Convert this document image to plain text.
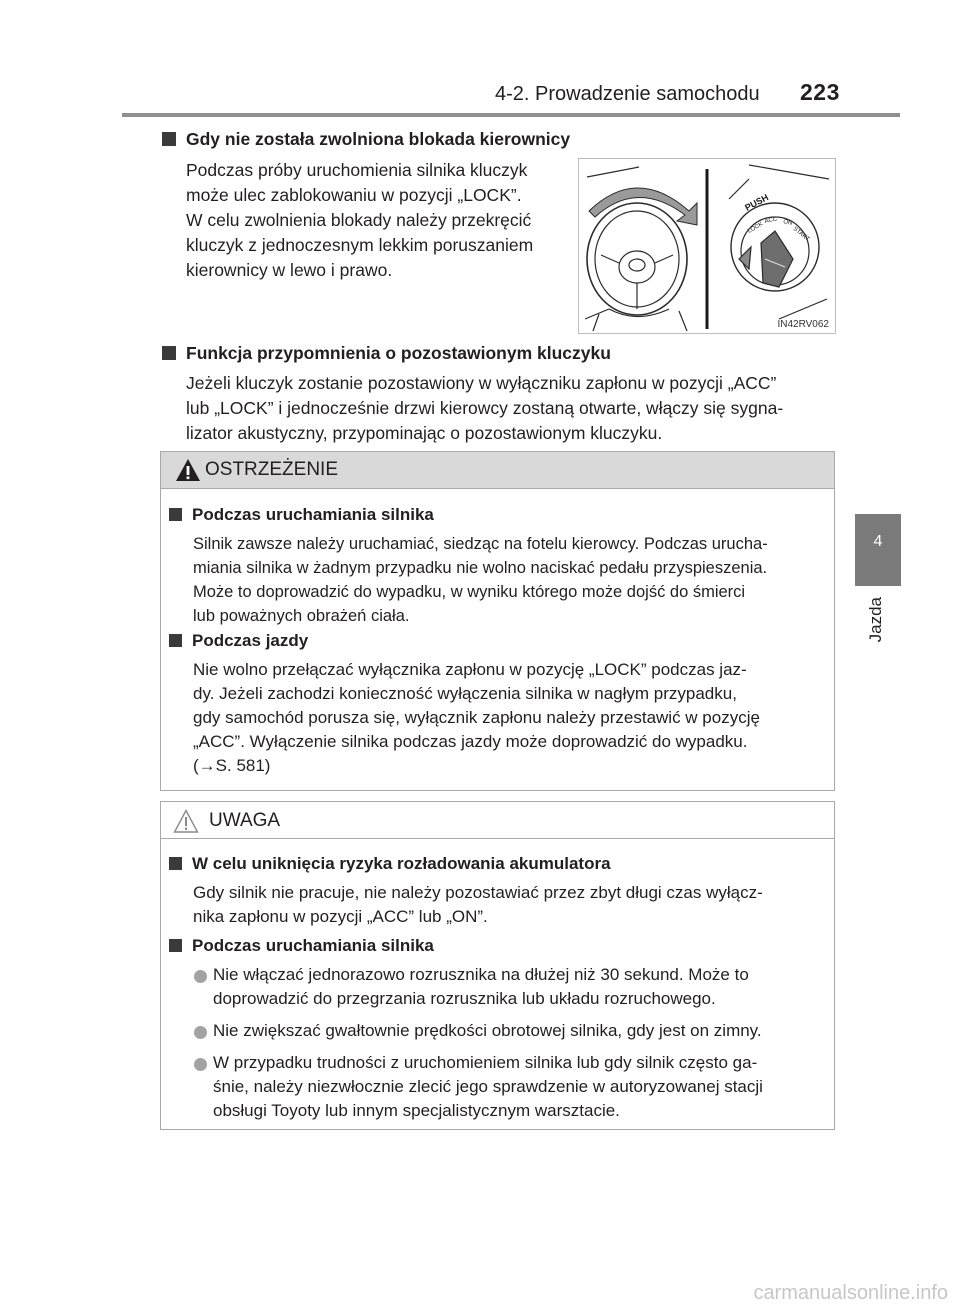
4-2. Prowadzenie samochodu 223
4
Jazda
Gdy nie została zwolniona blokada kierownicy
Podczas próby uruchomienia silnika kluczyk
może ulec zablokowaniu w pozycji „LOCK”.
W celu zwolnienia blokady należy przekręcić
kluczyk z jednoczesnym lekkim poruszaniem
kierownicy w lewo i prawo.
PUSH
LOCK
ACC ON
START
IN42RV062
Funkcja przypomnienia o pozostawionym kluczyku
Jeżeli kluczyk zostanie pozostawiony w wyłączniku zapłonu w pozycji „ACC”
lub „LOCK” i jednocześnie drzwi kierowcy zostaną otwarte, włączy się sygna-
lizator akustyczny, przypominając o pozostawionym kluczyku.
OSTRZEŻENIE
Podczas uruchamiania silnika
Silnik zawsze należy uruchamiać, siedząc na fotelu kierowcy. Podczas urucha-
miania silnika w żadnym przypadku nie wolno naciskać pedału przyspieszenia.
Może to doprowadzić do wypadku, w wyniku którego może dojść do śmierci
lub poważnych obrażeń ciała.
Podczas jazdy
Nie wolno przełączać wyłącznika zapłonu w pozycję „LOCK” podczas jaz-
dy. Jeżeli zachodzi konieczność wyłączenia silnika w nagłym przypadku,
gdy samochód porusza się, wyłącznik zapłonu należy przestawić w pozycję
„ACC”. Wyłączenie silnika podczas jazdy może doprowadzić do wypadku.
(→S. 581)
UWAGA
W celu uniknięcia ryzyka rozładowania akumulatora
Gdy silnik nie pracuje, nie należy pozostawiać przez zbyt długi czas wyłącz-
nika zapłonu w pozycji „ACC” lub „ON”.
Podczas uruchamiania silnika
Nie włączać jednorazowo rozrusznika na dłużej niż 30 sekund. Może to
doprowadzić do przegrzania rozrusznika lub układu rozruchowego.
Nie zwiększać gwałtownie prędkości obrotowej silnika, gdy jest on zimny.
W przypadku trudności z uruchomieniem silnika lub gdy silnik często ga-
śnie, należy niezwłocznie zlecić jego sprawdzenie w autoryzowanej stacji
obsługi Toyoty lub innym specjalistycznym warsztacie.
carmanualsonline.info
